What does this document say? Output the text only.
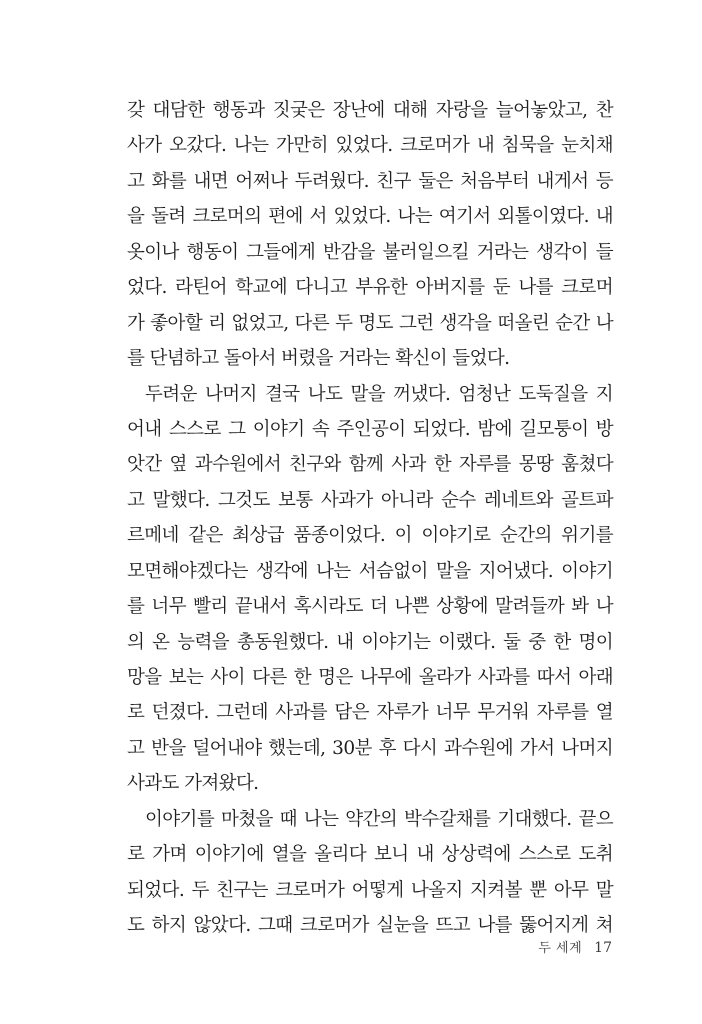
갖 대담한 행동과 짓궂은 장난에 대해 자랑을 늘어놓았고, 찬
사가 오갔다. 나는 가만히 있었다. 크로머가 내 침묵을 눈치채
고 화를 내면 어쩌나 두려웠다. 친구 둘은 처음부터 내게서 등
을 돌려 크로머의 편에 서 있었다. 나는 여기서 외톨이였다. 내
옷이나 행동이 그들에게 반감을 불러일으킬 거라는 생각이 들
었다. 라틴어 학교에 다니고 부유한 아버지를 둔 나를 크로머
가 좋아할 리 없었고, 다른 두 명도 그런 생각을 떠올린 순간 나
를 단념하고 돌아서 버렸을 거라는 확신이 들었다.
두려운 나머지 결국 나도 말을 꺼냈다. 엄청난 도둑질을 지
어내 스스로 그 이야기 속 주인공이 되었다. 밤에 길모퉁이 방
앗간 옆 과수원에서 친구와 함께 사과 한 자루를 몽땅 훔쳤다
고 말했다. 그것도 보통 사과가 아니라 순수 레네트와 골트파
르메네 같은 최상급 품종이었다. 이 이야기로 순간의 위기를
모면해야겠다는 생각에 나는 서슴없이 말을 지어냈다. 이야기
를 너무 빨리 끝내서 혹시라도 더 나쁜 상황에 말려들까 봐 나
의 온 능력을 총동원했다. 내 이야기는 이랬다. 둘 중 한 명이
망을 보는 사이 다른 한 명은 나무에 올라가 사과를 따서 아래
로 던졌다. 그런데 사과를 담은 자루가 너무 무거워 자루를 열
고 반을 덜어내야 했는데, 30분 후 다시 과수원에 가서 나머지
사과도 가져왔다.
이야기를 마쳤을 때 나는 약간의 박수갈채를 기대했다. 끝으
로 가며 이야기에 열을 올리다 보니 내 상상력에 스스로 도취
되었다. 두 친구는 크로머가 어떻게 나올지 지켜볼 뿐 아무 말
도 하지 않았다. 그때 크로머가 실눈을 뜨고 나를 뚫어지게 쳐
두 세계 17
